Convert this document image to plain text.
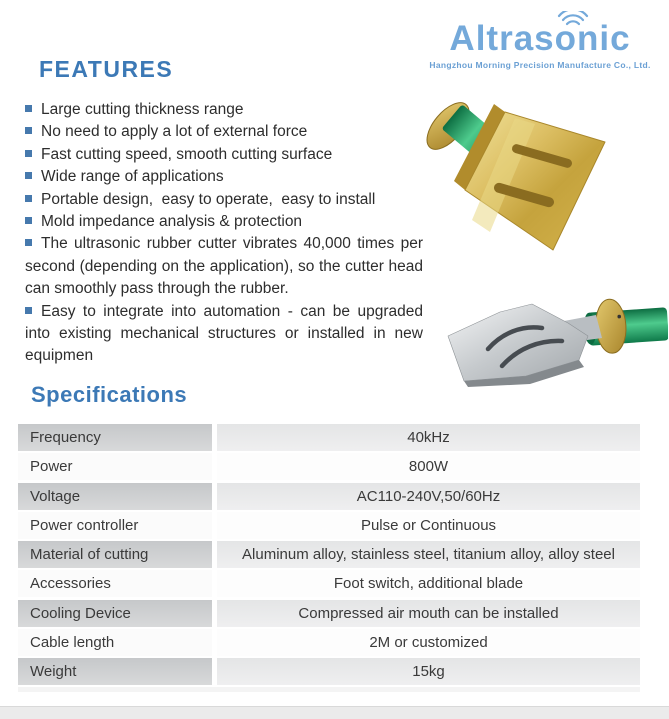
Altrasonic
Hangzhou Morning Precision Manufacture Co., Ltd.
FEATURES
Large cutting thickness range
No need to apply a lot of external force
Fast cutting speed, smooth cutting surface
Wide range of applications
Portable design,  easy to operate,  easy to install
Mold impedance analysis & protection
The ultrasonic rubber cutter vibrates 40,000 times per second (depending on the application), so the cutter head can smoothly pass through the rubber.
Easy to integrate into automation - can be upgraded into existing mechanical structures or installed in new equipmen
Specifications
Frequency	40kHz
Power	800W
Voltage	AC110-240V,50/60Hz
Power controller	Pulse or Continuous
Material of cutting	Aluminum alloy, stainless steel, titanium alloy, alloy steel
Accessories	Foot switch, additional blade
Cooling Device	Compressed air mouth can be installed
Cable length	2M or customized
Weight	15kg
